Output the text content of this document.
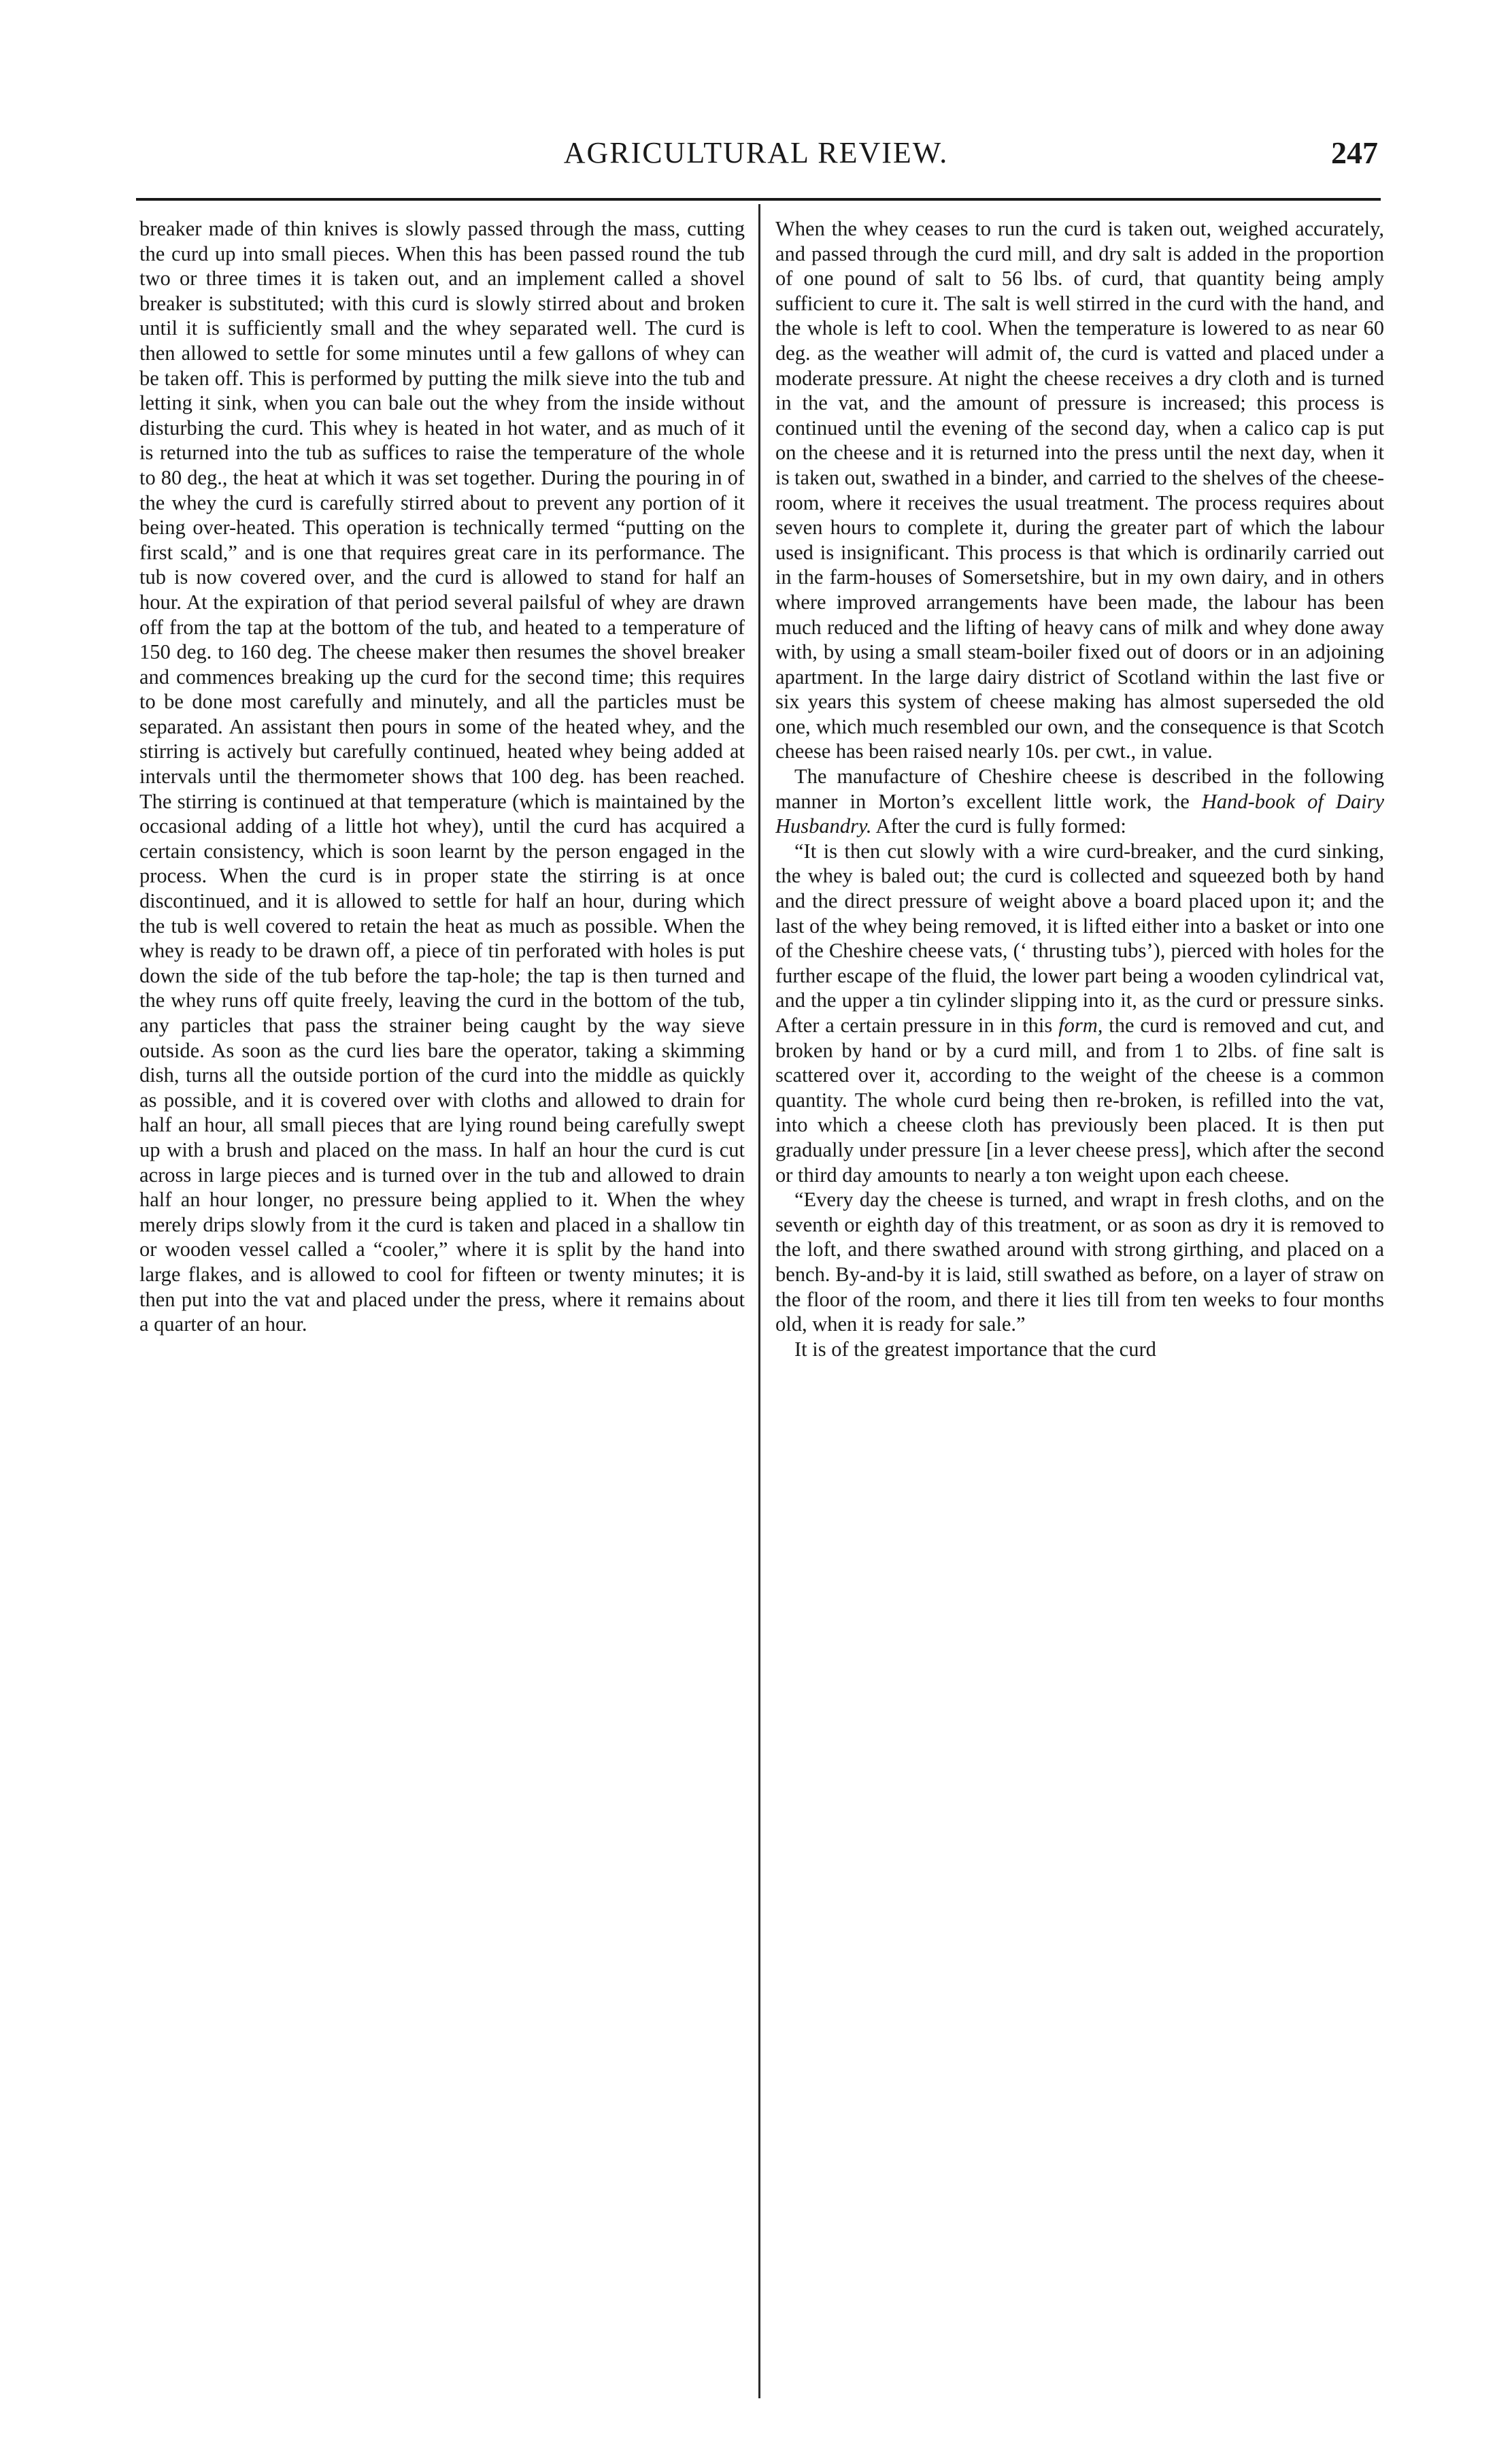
AGRICULTURAL REVIEW.	247

breaker made of thin knives is slowly passed through the mass, cutting the curd up into small pieces. When this has been passed round the tub two or three times it is taken out, and an implement called a shovel breaker is substituted; with this curd is slowly stirred about and broken until it is sufficiently small and the whey separated well. The curd is then allowed to settle for some minutes until a few gallons of whey can be taken off. This is performed by putting the milk sieve into the tub and letting it sink, when you can bale out the whey from the inside without disturbing the curd. This whey is heated in hot water, and as much of it is returned into the tub as suffices to raise the temperature of the whole to 80 deg., the heat at which it was set together. During the pouring in of the whey the curd is carefully stirred about to prevent any portion of it being over-heated. This operation is technically termed “putting on the first scald,” and is one that requires great care in its performance. The tub is now covered over, and the curd is allowed to stand for half an hour. At the expiration of that period several pailsful of whey are drawn off from the tap at the bottom of the tub, and heated to a temperature of 150 deg. to 160 deg. The cheese maker then resumes the shovel breaker and commences breaking up the curd for the second time; this requires to be done most carefully and minutely, and all the particles must be separated. An assistant then pours in some of the heated whey, and the stirring is actively but carefully continued, heated whey being added at intervals until the thermometer shows that 100 deg. has been reached. The stirring is continued at that temperature (which is maintained by the occasional adding of a little hot whey), until the curd has acquired a certain consistency, which is soon learnt by the person engaged in the process. When the curd is in proper state the stirring is at once discontinued, and it is allowed to settle for half an hour, during which the tub is well covered to retain the heat as much as possible. When the whey is ready to be drawn off, a piece of tin perforated with holes is put down the side of the tub before the tap-hole; the tap is then turned and the whey runs off quite freely, leaving the curd in the bottom of the tub, any particles that pass the strainer being caught by the way sieve outside. As soon as the curd lies bare the operator, taking a skimming dish, turns all the outside portion of the curd into the middle as quickly as possible, and it is covered over with cloths and allowed to drain for half an hour, all small pieces that are lying round being carefully swept up with a brush and placed on the mass. In half an hour the curd is cut across in large pieces and is turned over in the tub and allowed to drain half an hour longer, no pressure being applied to it. When the whey merely drips slowly from it the curd is taken and placed in a shallow tin or wooden vessel called a “cooler,” where it is split by the hand into large flakes, and is allowed to cool for fifteen or twenty minutes; it is then put into the vat and placed under the press, where it remains about a quarter of an hour.

When the whey ceases to run the curd is taken out, weighed accurately, and passed through the curd mill, and dry salt is added in the proportion of one pound of salt to 56 lbs. of curd, that quantity being amply sufficient to cure it. The salt is well stirred in the curd with the hand, and the whole is left to cool. When the temperature is lowered to as near 60 deg. as the weather will admit of, the curd is vatted and placed under a moderate pressure. At night the cheese receives a dry cloth and is turned in the vat, and the amount of pressure is increased; this process is continued until the evening of the second day, when a calico cap is put on the cheese and it is returned into the press until the next day, when it is taken out, swathed in a binder, and carried to the shelves of the cheese-room, where it receives the usual treatment. The process requires about seven hours to complete it, during the greater part of which the labour used is insignificant. This process is that which is ordinarily carried out in the farm-houses of Somersetshire, but in my own dairy, and in others where improved arrangements have been made, the labour has been much reduced and the lifting of heavy cans of milk and whey done away with, by using a small steam-boiler fixed out of doors or in an adjoining apartment. In the large dairy district of Scotland within the last five or six years this system of cheese making has almost superseded the old one, which much resembled our own, and the consequence is that Scotch cheese has been raised nearly 10s. per cwt., in value.

The manufacture of Cheshire cheese is described in the following manner in Morton’s excellent little work, the Hand-book of Dairy Husbandry. After the curd is fully formed:

“It is then cut slowly with a wire curd-breaker, and the curd sinking, the whey is baled out; the curd is collected and squeezed both by hand and the direct pressure of weight above a board placed upon it; and the last of the whey being removed, it is lifted either into a basket or into one of the Cheshire cheese vats, (‘ thrusting tubs’), pierced with holes for the further escape of the fluid, the lower part being a wooden cylindrical vat, and the upper a tin cylinder slipping into it, as the curd or pressure sinks. After a certain pressure in in this form, the curd is removed and cut, and broken by hand or by a curd mill, and from 1 to 2lbs. of fine salt is scattered over it, according to the weight of the cheese is a common quantity. The whole curd being then re-broken, is refilled into the vat, into which a cheese cloth has previously been placed. It is then put gradually under pressure [in a lever cheese press], which after the second or third day amounts to nearly a ton weight upon each cheese.

“Every day the cheese is turned, and wrapt in fresh cloths, and on the seventh or eighth day of this treatment, or as soon as dry it is removed to the loft, and there swathed around with strong girthing, and placed on a bench. By-and-by it is laid, still swathed as before, on a layer of straw on the floor of the room, and there it lies till from ten weeks to four months old, when it is ready for sale.”

It is of the greatest importance that the curd
